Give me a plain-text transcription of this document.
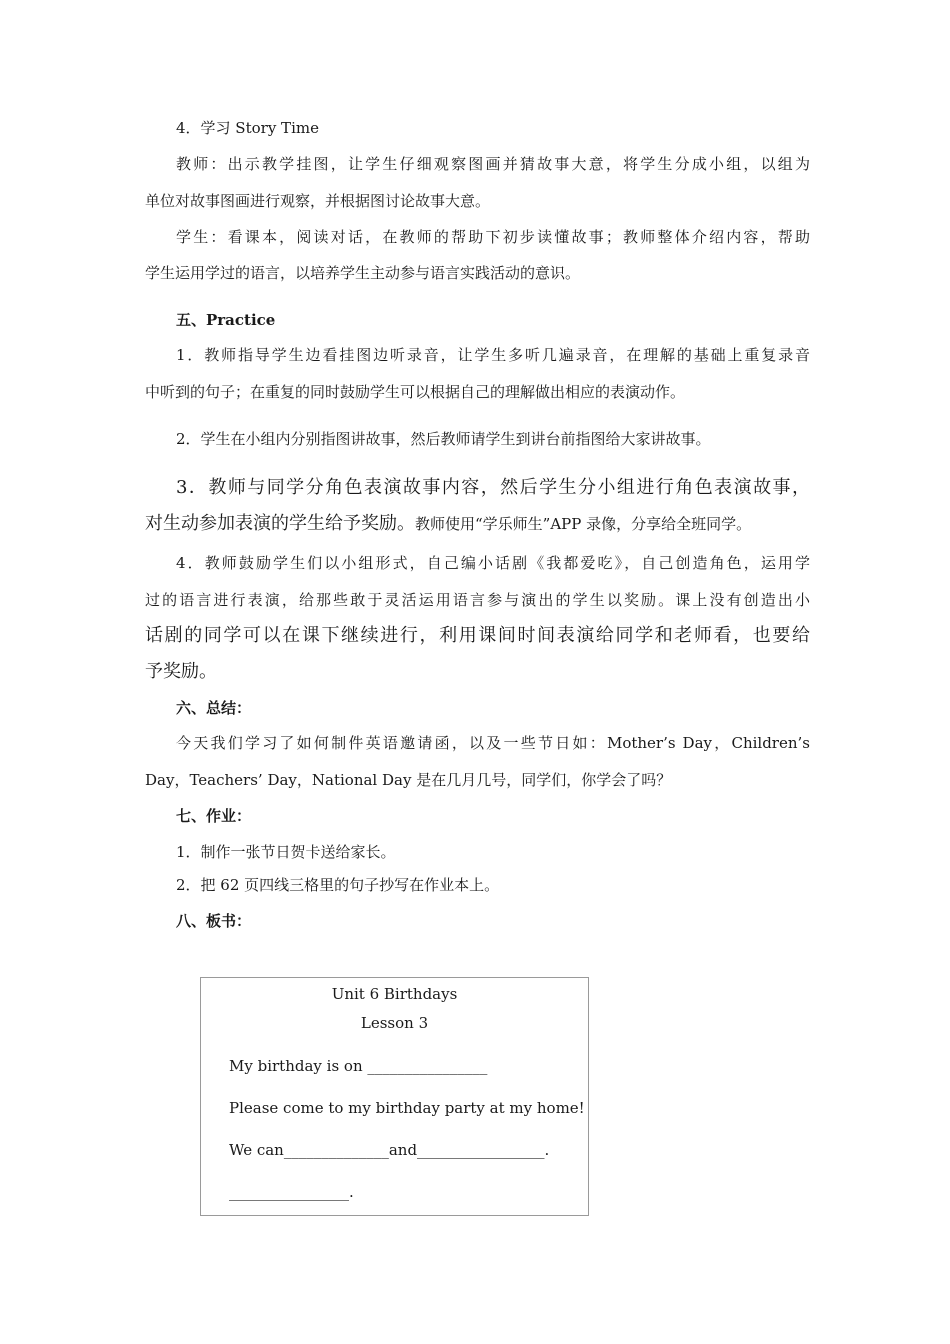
4．学习 Story Time
教师：出示教学挂图，让学生仔细观察图画并猜故事大意，将学生分成小组，以组为
单位对故事图画进行观察，并根据图讨论故事大意。
学生：看课本，阅读对话，在教师的帮助下初步读懂故事；教师整体介绍内容，帮助
学生运用学过的语言，以培养学生主动参与语言实践活动的意识。
五、Practice
1．教师指导学生边看挂图边听录音，让学生多听几遍录音，在理解的基础上重复录音
中听到的句子；在重复的同时鼓励学生可以根据自己的理解做出相应的表演动作。
2．学生在小组内分别指图讲故事，然后教师请学生到讲台前指图给大家讲故事。
3．教师与同学分角色表演故事内容，然后学生分小组进行角色表演故事，
对生动参加表演的学生给予奖励。教师使用“学乐师生”APP 录像，分享给全班同学。
4．教师鼓励学生们以小组形式，自己编小话剧《我都爱吃》，自己创造角色，运用学
过的语言进行表演，给那些敢于灵活运用语言参与演出的学生以奖励。课上没有创造出小
话剧的同学可以在课下继续进行，利用课间时间表演给同学和老师看，也要给
予奖励。
六、总结：
今天我们学习了如何制件英语邀请函，以及一些节日如：Mother’s Day，Children’s
Day，Teachers’ Day，National Day 是在几月几号，同学们，你学会了吗？
七、作业：
1．制作一张节日贺卡送给家长。
2．把 62 页四线三格里的句子抄写在作业本上。
八、板书：
Unit 6 Birthdays
Lesson 3
My birthday is on ________________
Please come to my birthday party at my home!
We can______________and_________________.
________________.
